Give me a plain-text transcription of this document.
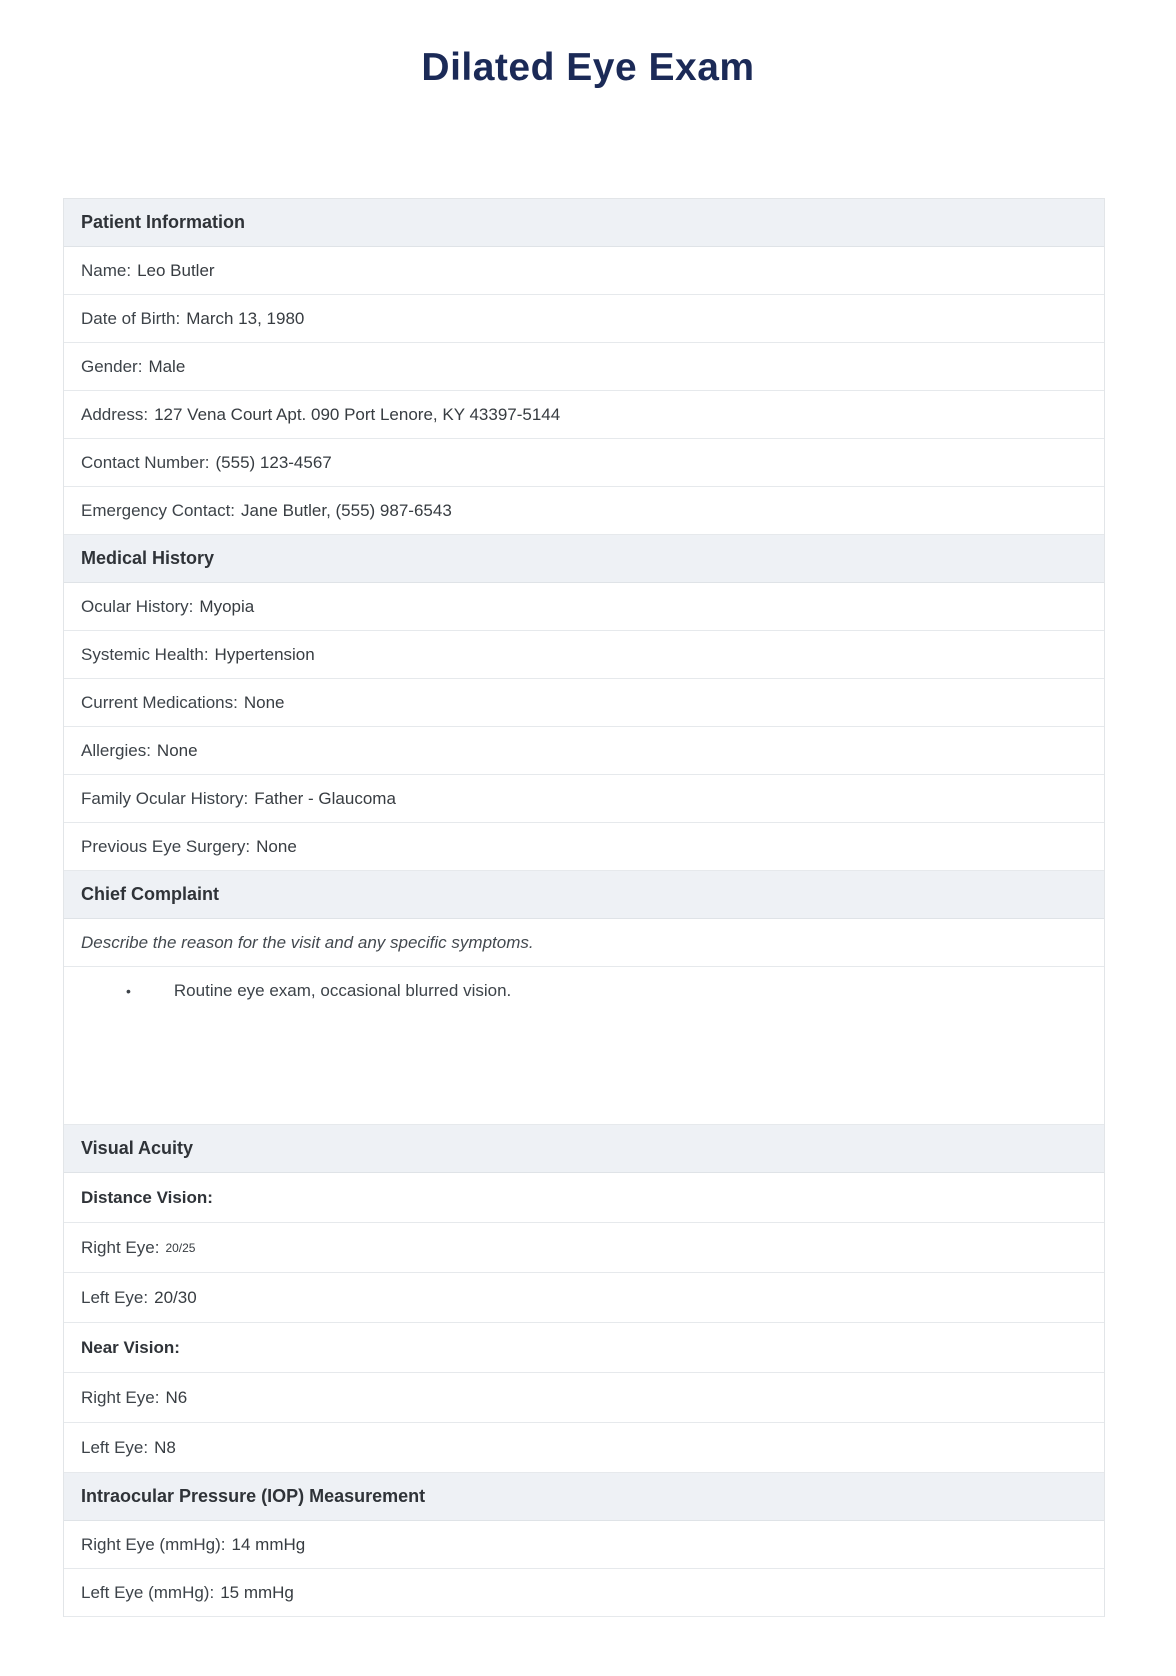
Dilated Eye Exam
Patient Information
Name: Leo Butler
Date of Birth: March 13, 1980
Gender: Male
Address: 127 Vena Court Apt. 090 Port Lenore, KY 43397-5144
Contact Number: (555) 123-4567
Emergency Contact: Jane Butler, (555) 987-6543
Medical History
Ocular History: Myopia
Systemic Health: Hypertension
Current Medications: None
Allergies: None
Family Ocular History: Father - Glaucoma
Previous Eye Surgery: None
Chief Complaint
Describe the reason for the visit and any specific symptoms.
•	Routine eye exam, occasional blurred vision.
Visual Acuity
Distance Vision:
Right Eye: 20/25
Left Eye: 20/30
Near Vision:
Right Eye: N6
Left Eye: N8
Intraocular Pressure (IOP) Measurement
Right Eye (mmHg): 14 mmHg
Left Eye (mmHg): 15 mmHg
